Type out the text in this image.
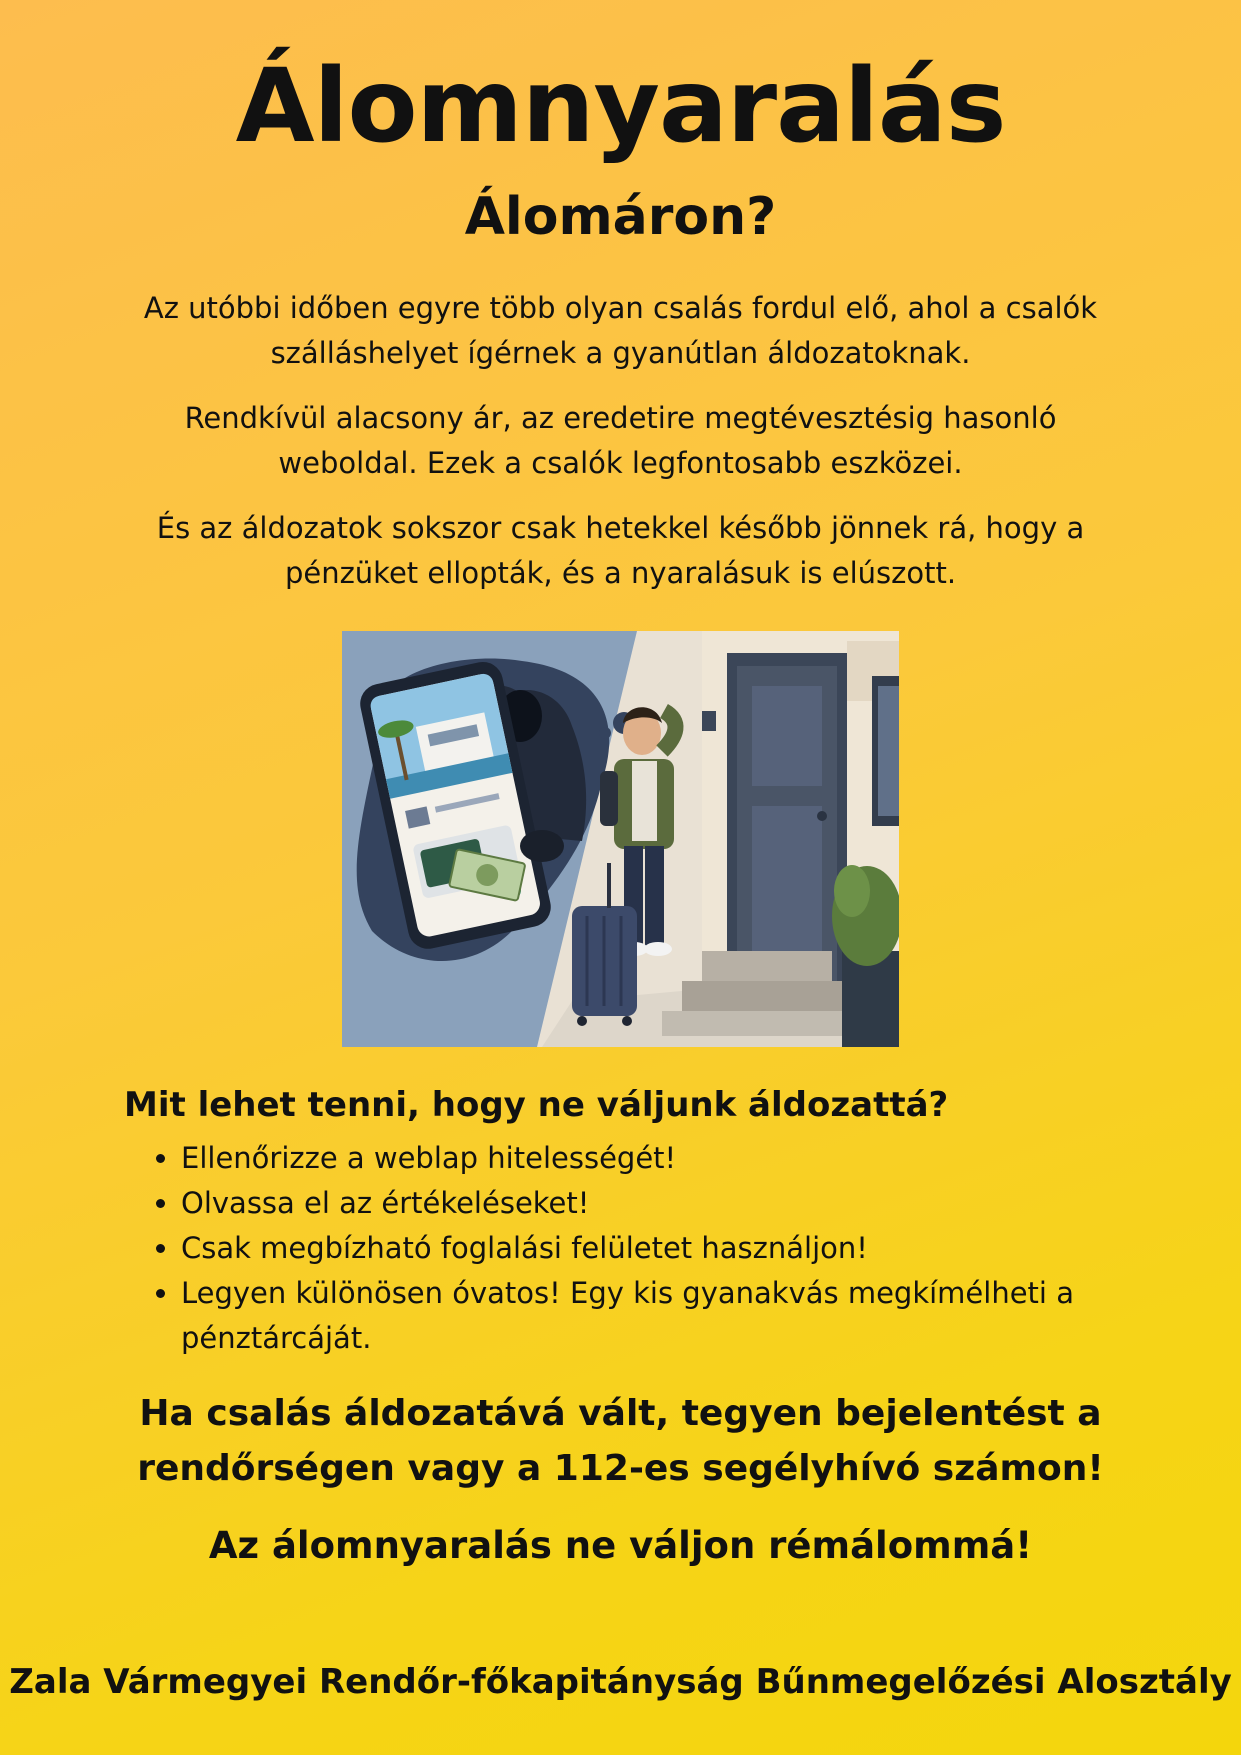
Álomnyaralás
Álomáron?

Az utóbbi időben egyre több olyan csalás fordul elő, ahol a csalók szálláshelyet ígérnek a gyanútlan áldozatoknak.

Rendkívül alacsony ár, az eredetire megtévesztésig hasonló weboldal. Ezek a csalók legfontosabb eszközei.

És az áldozatok sokszor csak hetekkel később jönnek rá, hogy a pénzüket ellopták, és a nyaralásuk is elúszott.

Mit lehet tenni, hogy ne váljunk áldozattá?
• Ellenőrizze a weblap hitelességét!
• Olvassa el az értékeléseket!
• Csak megbízható foglalási felületet használjon!
• Legyen különösen óvatos! Egy kis gyanakvás megkímélheti a pénztárcáját.
Ha csalás áldozatává vált, tegyen bejelentést a rendőrségen vagy a 112-es segélyhívó számon!
Az álomnyaralás ne váljon rémálommá!
Zala Vármegyei Rendőr-főkapitányság Bűnmegelőzési Alosztály
